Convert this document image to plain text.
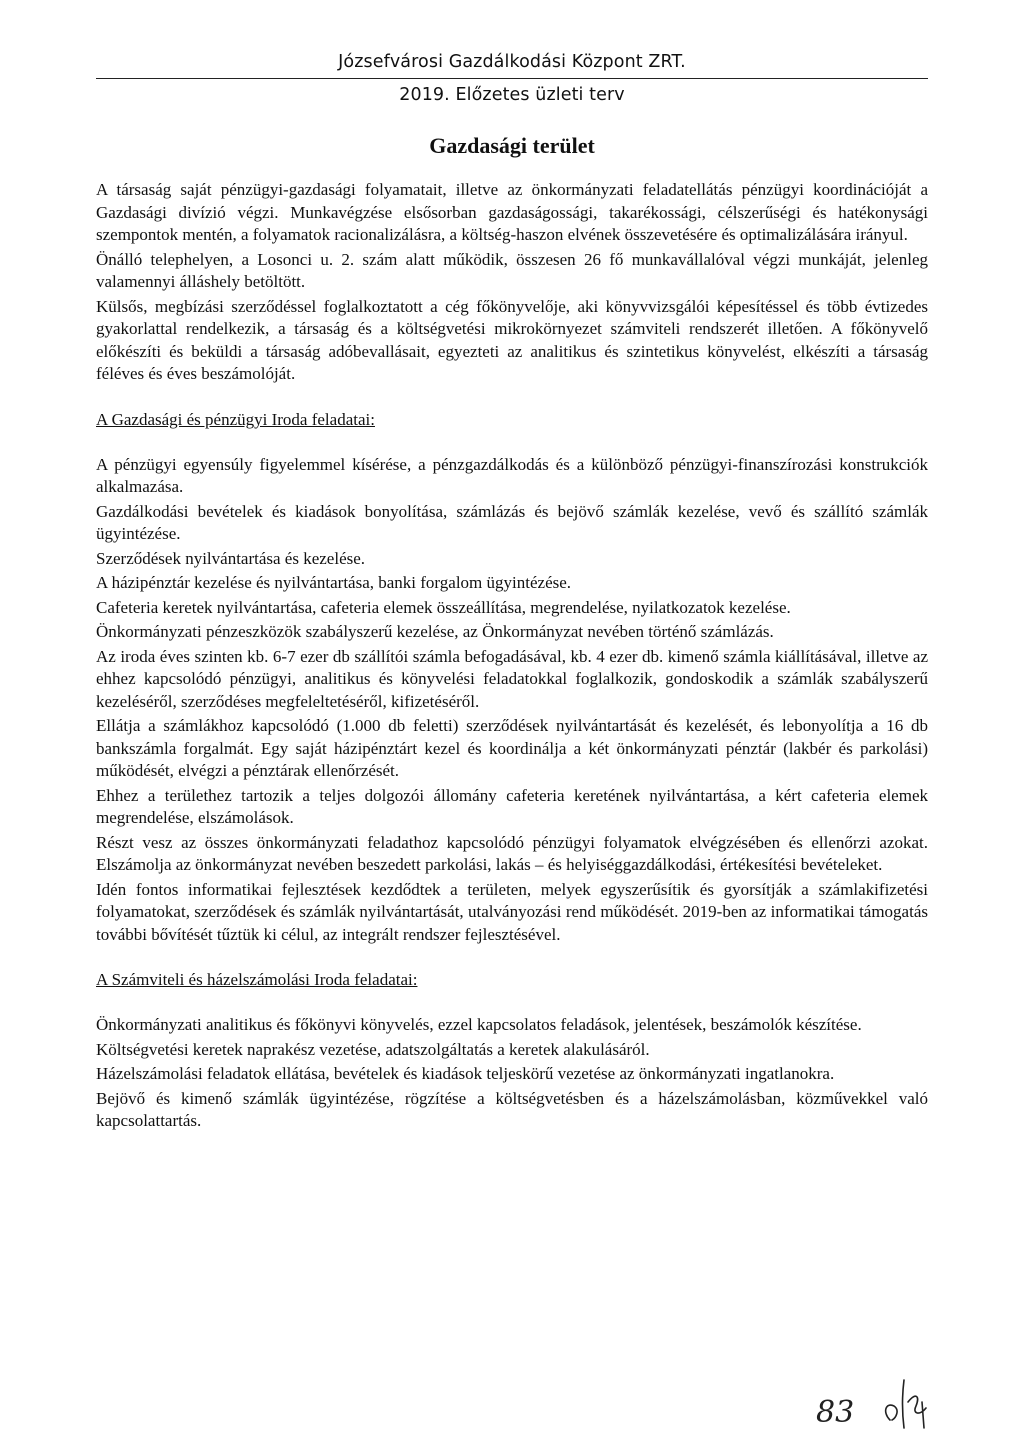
Józsefvárosi Gazdálkodási Központ ZRT.
2019. Előzetes üzleti terv
Gazdasági terület

A társaság saját pénzügyi-gazdasági folyamatait, illetve az önkormányzati feladatellátás pénzügyi koordinációját a Gazdasági divízió végzi. Munkavégzése elsősorban gazdaságossági, takarékossági, célszerűségi és hatékonysági szempontok mentén, a folyamatok racionalizálásra, a költség-haszon elvének összevetésére és optimalizálására irányul.

Önálló telephelyen, a Losonci u. 2. szám alatt működik, összesen 26 fő munkavállalóval végzi munkáját, jelenleg valamennyi álláshely betöltött.

Külsős, megbízási szerződéssel foglalkoztatott a cég főkönyvelője, aki könyvvizsgálói képesítéssel és több évtizedes gyakorlattal rendelkezik, a társaság és a költségvetési mikrokörnyezet számviteli rendszerét illetően. A főkönyvelő előkészíti és beküldi a társaság adóbevallásait, egyezteti az analitikus és szintetikus könyvelést, elkészíti a társaság féléves és éves beszámolóját.

A Gazdasági és pénzügyi Iroda feladatai:

A pénzügyi egyensúly figyelemmel kísérése, a pénzgazdálkodás és a különböző pénzügyi-finanszírozási konstrukciók alkalmazása.

Gazdálkodási bevételek és kiadások bonyolítása, számlázás és bejövő számlák kezelése, vevő és szállító számlák ügyintézése.

Szerződések nyilvántartása és kezelése.

A házipénztár kezelése és nyilvántartása, banki forgalom ügyintézése.

Cafeteria keretek nyilvántartása, cafeteria elemek összeállítása, megrendelése, nyilatkozatok kezelése.

Önkormányzati pénzeszközök szabályszerű kezelése, az Önkormányzat nevében történő számlázás.

Az iroda éves szinten kb. 6-7 ezer db szállítói számla befogadásával, kb. 4 ezer db. kimenő számla kiállításával, illetve az ehhez kapcsolódó pénzügyi, analitikus és könyvelési feladatokkal foglalkozik, gondoskodik a számlák szabályszerű kezeléséről, szerződéses megfeleltetéséről, kifizetéséről.

Ellátja a számlákhoz kapcsolódó (1.000 db feletti) szerződések nyilvántartását és kezelését, és lebonyolítja a 16 db bankszámla forgalmát. Egy saját házipénztárt kezel és koordinálja a két önkormányzati pénztár (lakbér és parkolási) működését, elvégzi a pénztárak ellenőrzését.

Ehhez a területhez tartozik a teljes dolgozói állomány cafeteria keretének nyilvántartása, a kért cafeteria elemek megrendelése, elszámolások.

Részt vesz az összes önkormányzati feladathoz kapcsolódó pénzügyi folyamatok elvégzésében és ellenőrzi azokat. Elszámolja az önkormányzat nevében beszedett parkolási, lakás – és helyiséggazdálkodási, értékesítési bevételeket.

Idén fontos informatikai fejlesztések kezdődtek a területen, melyek egyszerűsítik és gyorsítják a számlakifizetési folyamatokat, szerződések és számlák nyilvántartását, utalványozási rend működését. 2019-ben az informatikai támogatás további bővítését tűztük ki célul, az integrált rendszer fejlesztésével.

A Számviteli és házelszámolási Iroda feladatai:

Önkormányzati analitikus és főkönyvi könyvelés, ezzel kapcsolatos feladások, jelentések, beszámolók készítése.

Költségvetési keretek naprakész vezetése, adatszolgáltatás a keretek alakulásáról.

Házelszámolási feladatok ellátása, bevételek és kiadások teljeskörű vezetése az önkormányzati ingatlanokra.

Bejövő és kimenő számlák ügyintézése, rögzítése a költségvetésben és a házelszámolásban, közművekkel való kapcsolattartás.

83
